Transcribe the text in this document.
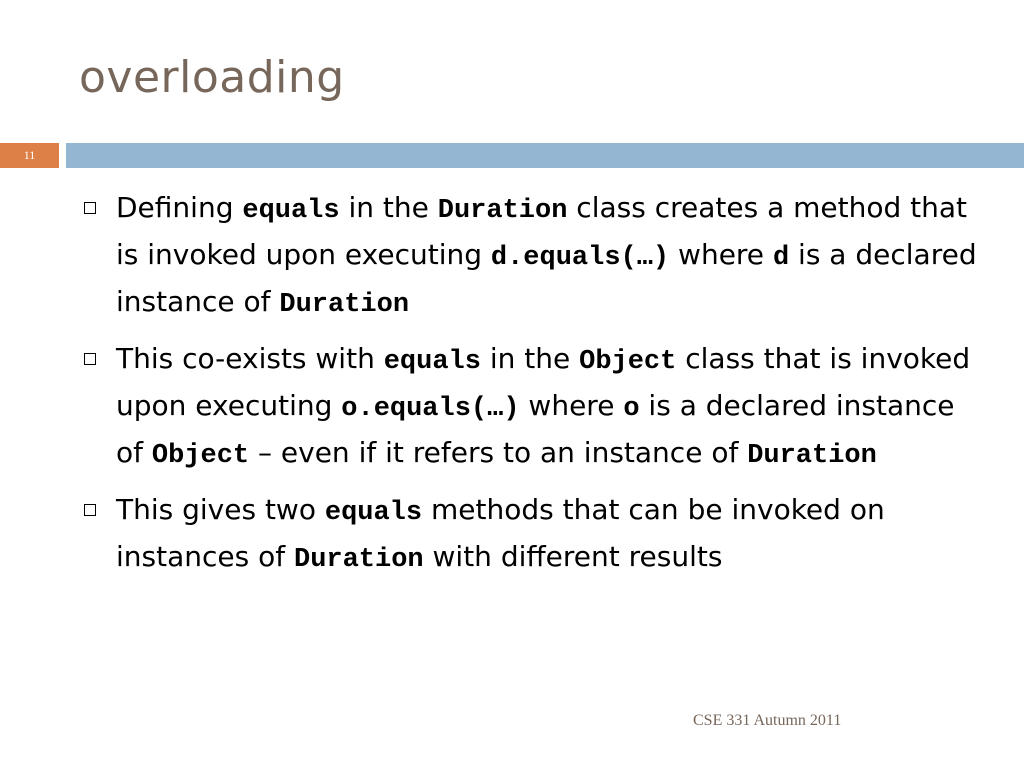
overloading
11
Defining equals in the Duration class creates a method that is invoked upon executing d.equals(…) where d is a declared instance of Duration
This co-exists with equals in the Object class that is invoked upon executing o.equals(…) where o is a declared instance of Object – even if it refers to an instance of Duration
This gives two equals methods that can be invoked on instances of Duration with different results
CSE 331 Autumn 2011
